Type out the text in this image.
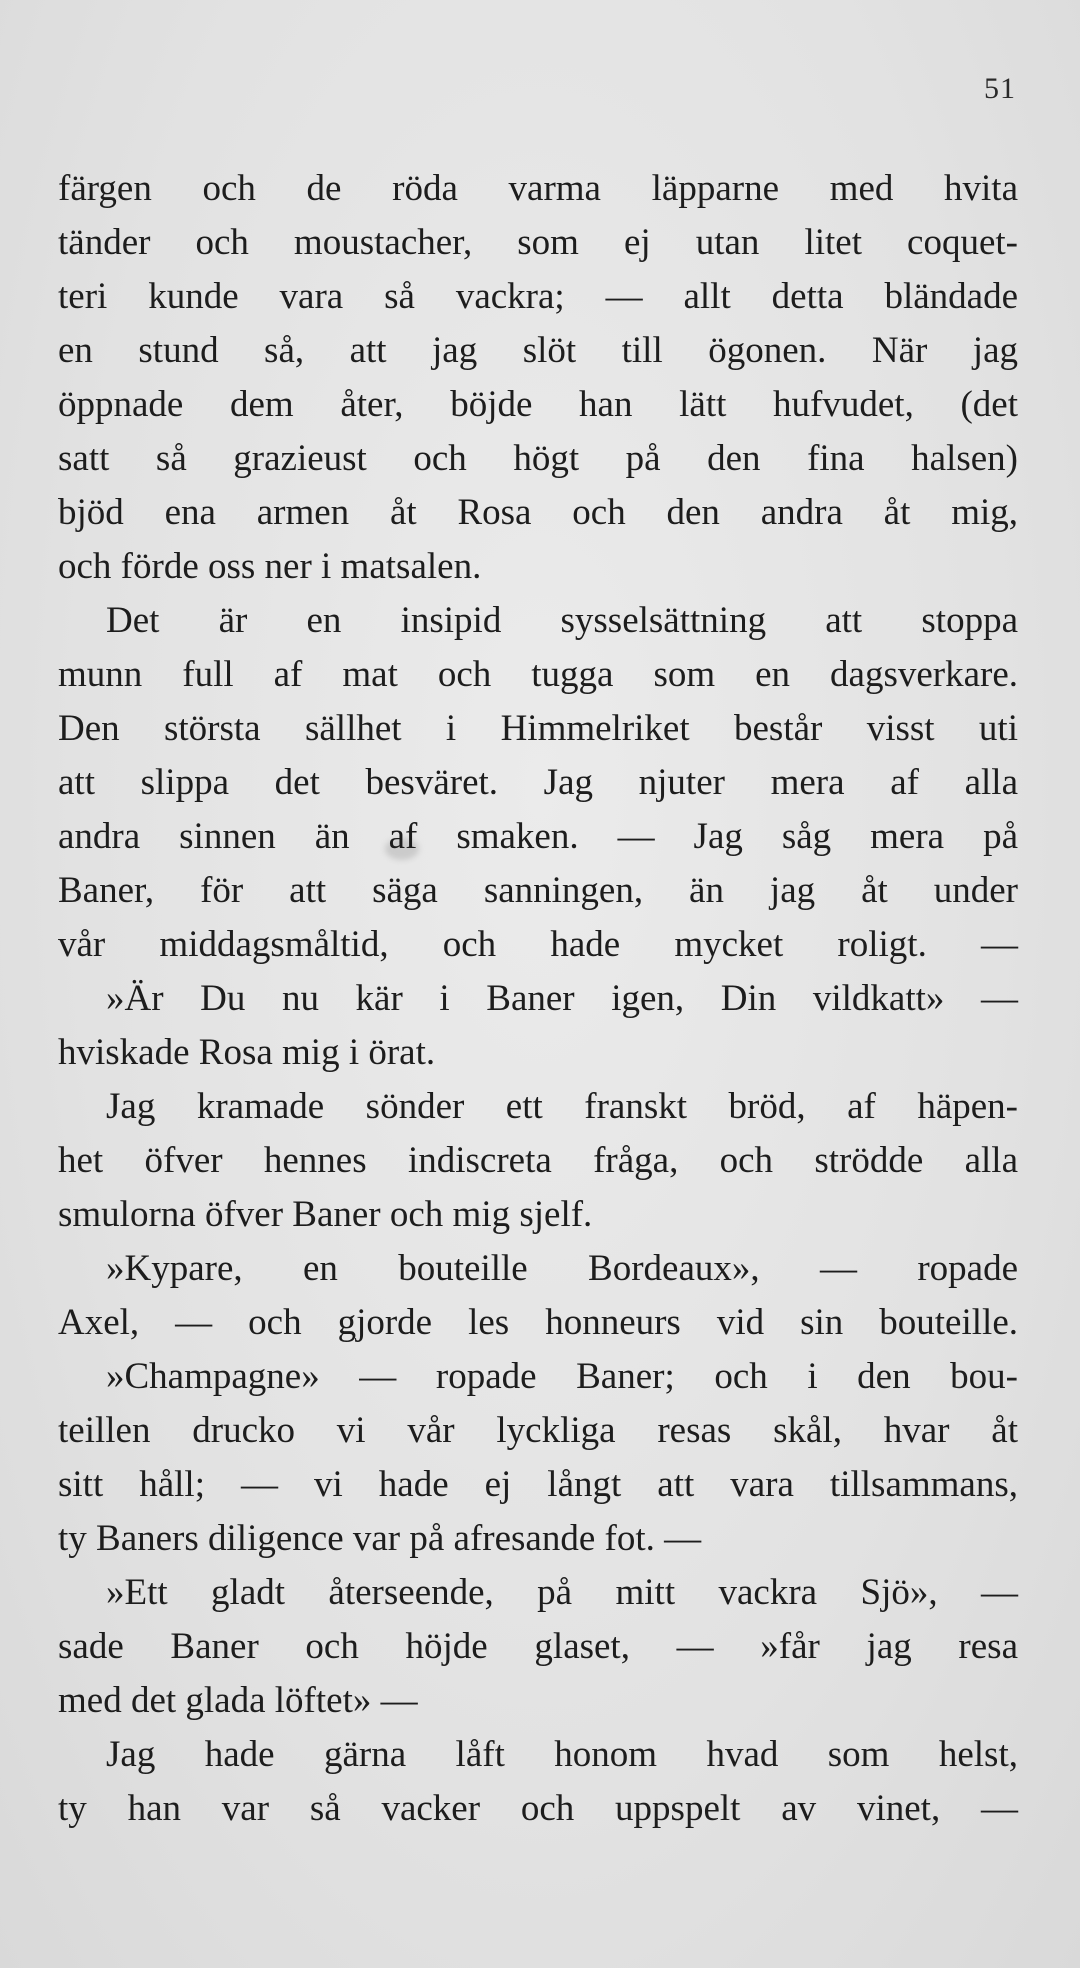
51
färgen och de röda varma läpparne med hvita
tänder och moustacher, som ej utan litet coquet-
teri kunde vara så vackra; — allt detta bländade
en stund så, att jag slöt till ögonen. När jag
öppnade dem åter, böjde han lätt hufvudet, (det
satt så grazieust och högt på den fina halsen)
bjöd ena armen åt Rosa och den andra åt mig,
och förde oss ner i matsalen.
Det är en insipid sysselsättning att stoppa
munn full af mat och tugga som en dagsverkare.
Den största sällhet i Himmelriket består visst uti
att slippa det besväret. Jag njuter mera af alla
andra sinnen än af smaken. — Jag såg mera på
Baner, för att säga sanningen, än jag åt under
vår middagsmåltid, och hade mycket roligt. —
»Är Du nu kär i Baner igen, Din vildkatt» —
hviskade Rosa mig i örat.
Jag kramade sönder ett franskt bröd, af häpen-
het öfver hennes indiscreta fråga, och strödde alla
smulorna öfver Baner och mig sjelf.
»Kypare, en bouteille Bordeaux», — ropade
Axel, — och gjorde les honneurs vid sin bouteille.
»Champagne» — ropade Baner; och i den bou-
teillen drucko vi vår lyckliga resas skål, hvar åt
sitt håll; — vi hade ej långt att vara tillsammans,
ty Baners diligence var på afresande fot. —
»Ett gladt återseende, på mitt vackra Sjö», —
sade Baner och höjde glaset, — »får jag resa
med det glada löftet» —
Jag hade gärna låft honom hvad som helst,
ty han var så vacker och uppspelt av vinet, —
